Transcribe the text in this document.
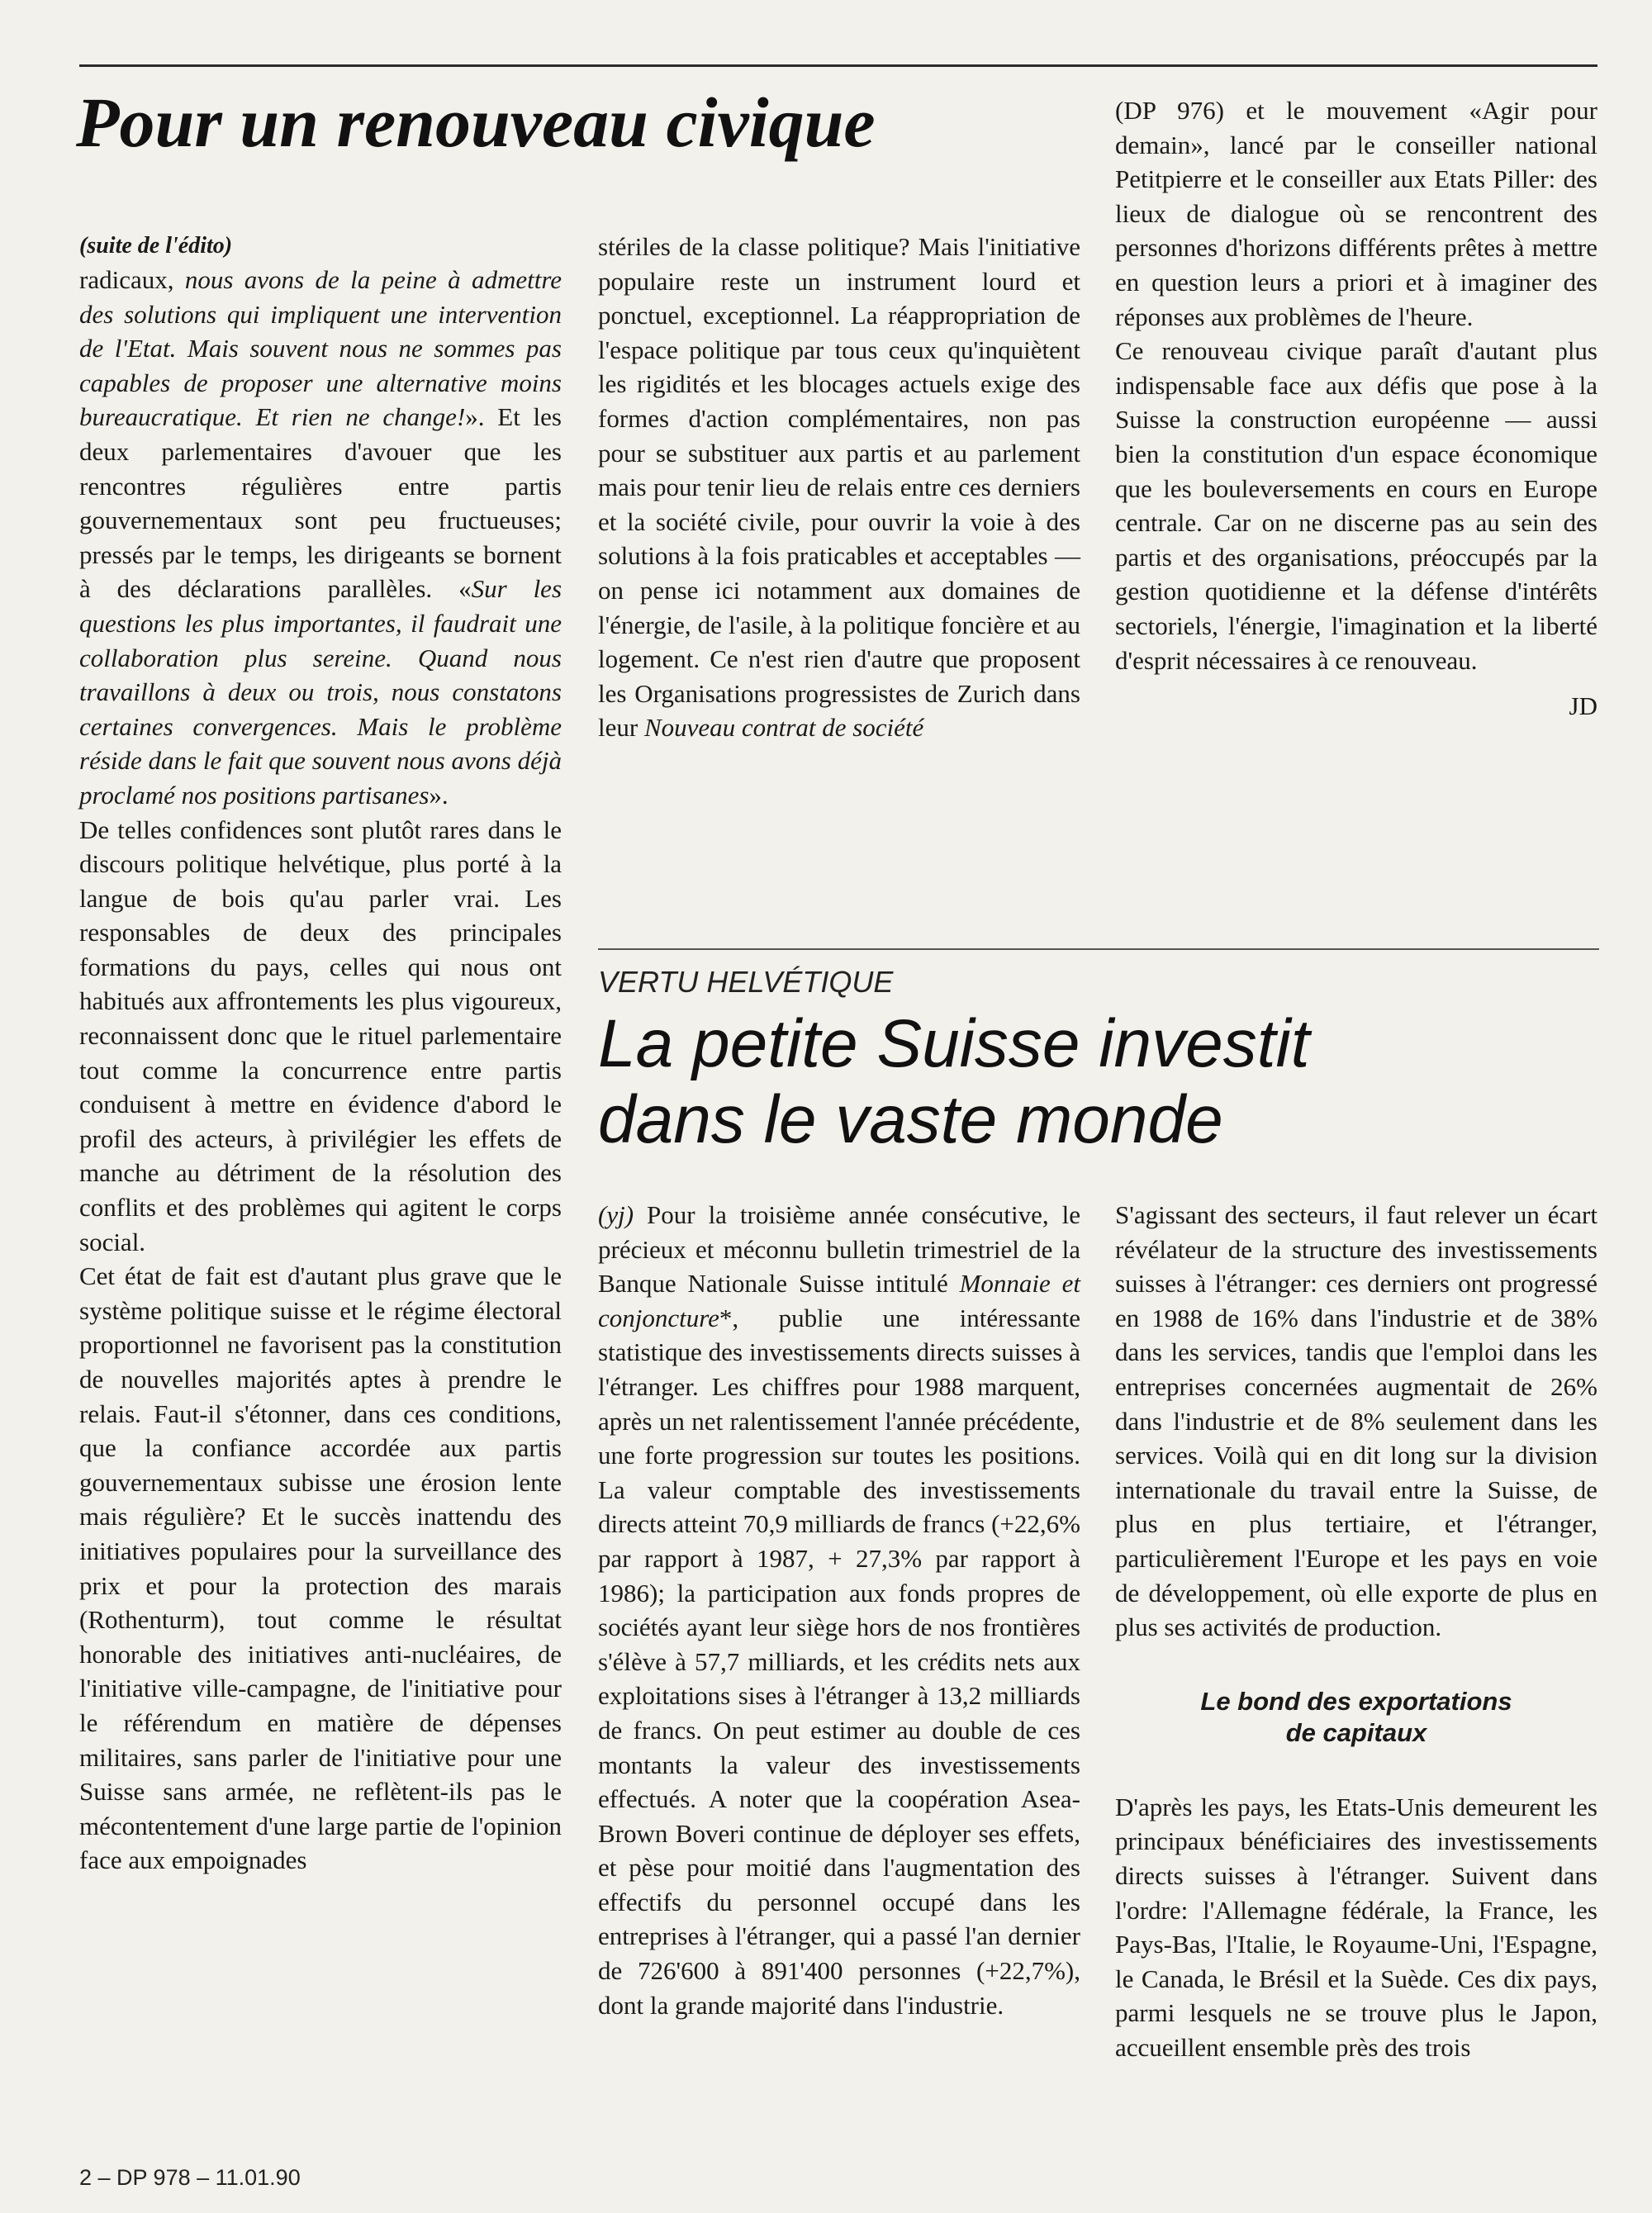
Pour un renouveau civique
(suite de l'édito)

radicaux, nous avons de la peine à admettre des solutions qui impliquent une intervention de l'Etat. Mais souvent nous ne sommes pas capables de proposer une alternative moins bureaucratique. Et rien ne change!». Et les deux parlementaires d'avouer que les rencontres régulières entre partis gouvernementaux sont peu fructueuses; pressés par le temps, les dirigeants se bornent à des déclarations parallèles. «Sur les questions les plus importantes, il faudrait une collaboration plus sereine. Quand nous travaillons à deux ou trois, nous constatons certaines convergences. Mais le problème réside dans le fait que souvent nous avons déjà proclamé nos positions partisanes».

De telles confidences sont plutôt rares dans le discours politique helvétique, plus porté à la langue de bois qu'au parler vrai. Les responsables de deux des principales formations du pays, celles qui nous ont habitués aux affrontements les plus vigoureux, reconnaissent donc que le rituel parlementaire tout comme la concurrence entre partis conduisent à mettre en évidence d'abord le profil des acteurs, à privilégier les effets de manche au détriment de la résolution des conflits et des problèmes qui agitent le corps social.

Cet état de fait est d'autant plus grave que le système politique suisse et le régime électoral proportionnel ne favorisent pas la constitution de nouvelles majorités aptes à prendre le relais. Faut-il s'étonner, dans ces conditions, que la confiance accordée aux partis gouvernementaux subisse une érosion lente mais régulière? Et le succès inattendu des initiatives populaires pour la surveillance des prix et pour la protection des marais (Rothenturm), tout comme le résultat honorable des initiatives anti-nucléaires, de l'initiative ville-campagne, de l'initiative pour le référendum en matière de dépenses militaires, sans parler de l'initiative pour une Suisse sans armée, ne reflètent-ils pas le mécontentement d'une large partie de l'opinion face aux empoignades

stériles de la classe politique? Mais l'initiative populaire reste un instrument lourd et ponctuel, exceptionnel. La réappropriation de l'espace politique par tous ceux qu'inquiètent les rigidités et les blocages actuels exige des formes d'action complémentaires, non pas pour se substituer aux partis et au parlement mais pour tenir lieu de relais entre ces derniers et la société civile, pour ouvrir la voie à des solutions à la fois praticables et acceptables — on pense ici notamment aux domaines de l'énergie, de l'asile, à la politique foncière et au logement. Ce n'est rien d'autre que proposent les Organisations progressistes de Zurich dans leur Nouveau contrat de société

(DP 976) et le mouvement «Agir pour demain», lancé par le conseiller national Petitpierre et le conseiller aux Etats Piller: des lieux de dialogue où se rencontrent des personnes d'horizons différents prêtes à mettre en question leurs a priori et à imaginer des réponses aux problèmes de l'heure.

Ce renouveau civique paraît d'autant plus indispensable face aux défis que pose à la Suisse la construction européenne — aussi bien la constitution d'un espace économique que les bouleversements en cours en Europe centrale. Car on ne discerne pas au sein des partis et des organisations, préoccupés par la gestion quotidienne et la défense d'intérêts sectoriels, l'énergie, l'imagination et la liberté d'esprit nécessaires à ce renouveau.

JD

VERTU HELVÉTIQUE
La petite Suisse investit
dans le vaste monde

(yj) Pour la troisième année consécutive, le précieux et méconnu bulletin trimestriel de la Banque Nationale Suisse intitulé Monnaie et conjoncture*, publie une intéressante statistique des investissements directs suisses à l'étranger. Les chiffres pour 1988 marquent, après un net ralentissement l'année précédente, une forte progression sur toutes les positions. La valeur comptable des investissements directs atteint 70,9 milliards de francs (+22,6% par rapport à 1987, + 27,3% par rapport à 1986); la participation aux fonds propres de sociétés ayant leur siège hors de nos frontières s'élève à 57,7 milliards, et les crédits nets aux exploitations sises à l'étranger à 13,2 milliards de francs. On peut estimer au double de ces montants la valeur des investissements effectués. A noter que la coopération Asea-Brown Boveri continue de déployer ses effets, et pèse pour moitié dans l'augmentation des effectifs du personnel occupé dans les entreprises à l'étranger, qui a passé l'an dernier de 726'600 à 891'400 personnes (+22,7%), dont la grande majorité dans l'industrie.

S'agissant des secteurs, il faut relever un écart révélateur de la structure des investissements suisses à l'étranger: ces derniers ont progressé en 1988 de 16% dans l'industrie et de 38% dans les services, tandis que l'emploi dans les entreprises concernées augmentait de 26% dans l'industrie et de 8% seulement dans les services. Voilà qui en dit long sur la division internationale du travail entre la Suisse, de plus en plus tertiaire, et l'étranger, particulièrement l'Europe et les pays en voie de développement, où elle exporte de plus en plus ses activités de production.

Le bond des exportations
de capitaux

D'après les pays, les Etats-Unis demeurent les principaux bénéficiaires des investissements directs suisses à l'étranger. Suivent dans l'ordre: l'Allemagne fédérale, la France, les Pays-Bas, l'Italie, le Royaume-Uni, l'Espagne, le Canada, le Brésil et la Suède. Ces dix pays, parmi lesquels ne se trouve plus le Japon, accueillent ensemble près des trois

2 – DP 978 – 11.01.90
